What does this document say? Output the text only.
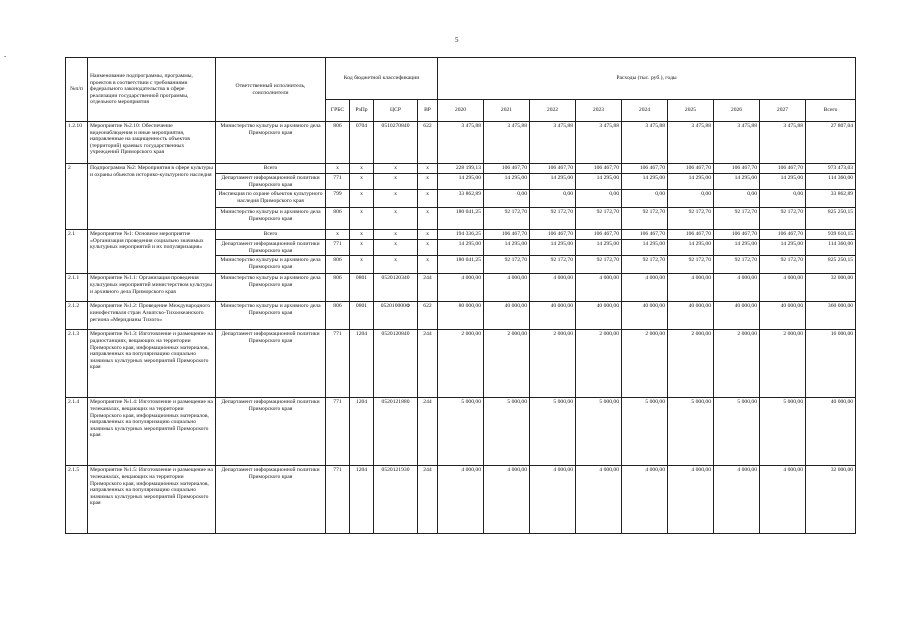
5
-
№п/п	Наименование подпрограммы, программы, проектов в соответствии с требованиями федерального законодательства в сфере реализации государственной программы, отдельного мероприятия	Ответственный исполнитель, соисполнители	Код бюджетной классификации				Расходы (тыс. руб.), годы								
			ГРБС	РзПр	ЦСР	ВР	2020	2021	2022	2023	2024	2025	2026	2027	Всего
1.2.10	Мероприятие №2.10: Обеспечение видеонаблюдения и иные мероприятия, направленные на защищенность объектов (территорий) краевых государственных учреждений Приморского края	Министерство культуры и архивного дела Приморского края	806	0704	0510270840	622	3 475,88	3 475,88	3 475,88	3 475,88	3 475,88	3 475,88	3 475,88	3 475,88	27 807,04
2	Подпрограмма №2: Мероприятия в сфере культуры и охраны объектов историко-культурного наследия	Всего	х	х	х	х	228 199,13	106 467,70	106 467,70	106 467,70	106 467,70	106 467,70	106 467,70	106 467,70	973 473,03
		Департамент информационной политики Приморского края	771	х	х	х	14 295,00	14 295,00	14 295,00	14 295,00	14 295,00	14 295,00	14 295,00	14 295,00	114 360,00
		Инспекция по охране объектов культурного наследия Приморского края	799	х	х	х	33 862,89	0,00	0,00	0,00	0,00	0,00	0,00	0,00	33 862,89
		Министерство культуры и архивного дела Приморского края	806	х	х	х	180 041,25	92 172,70	92 172,70	92 172,70	92 172,70	92 172,70	92 172,70	92 172,70	825 250,15
2.1	Мероприятие №1: Основное мероприятие «Организация проведения социально значимых культурных мероприятий и их популяризация»	Всего	х	х	х	х	194 336,25	106 467,70	106 467,70	106 467,70	106 467,70	106 467,70	106 467,70	106 467,70	939 610,15
		Департамент информационной политики Приморского края	771	х	х	х	14 295,00	14 295,00	14 295,00	14 295,00	14 295,00	14 295,00	14 295,00	14 295,00	114 360,00
		Министерство культуры и архивного дела Приморского края	806	х	х	х	180 041,25	92 172,70	92 172,70	92 172,70	92 172,70	92 172,70	92 172,70	92 172,70	825 250,15
2.1.1	Мероприятие №1.1: Организация проведения культурных мероприятий министерством культуры и архивного дела Приморского края	Министерство культуры и архивного дела Приморского края	806	0801	0520120340	244	4 000,00	4 000,00	4 000,00	4 000,00	4 000,00	4 000,00	4 000,00	4 000,00	32 000,00
2.1.2	Мероприятие №1.2: Проведение Международного кинофестиваля стран Азиатско-Тихоокеанского региона «Меридианы Тихого»	Министерство культуры и архивного дела Приморского края	806	0801	052010000Ф	622	80 000,00	40 000,00	40 000,00	40 000,00	40 000,00	40 000,00	40 000,00	40 000,00	360 000,00
2.1.3	Мероприятие №1.3: Изготовление и размещение на радиостанциях, вещающих на территории Приморского края, информационных материалов, направленных на популяризацию социально значимых культурных мероприятий Приморского края	Департамент информационной политики Приморского края	771	1204	0520120840	244	2 000,00	2 000,00	2 000,00	2 000,00	2 000,00	2 000,00	2 000,00	2 000,00	16 000,00
2.1.4	Мероприятие №1.4: Изготовление и размещение на телеканалах, вещающих на территории Приморского края, информационных материалов, направленных на популяризацию социально значимых культурных мероприятий Приморского края	Департамент информационной политики Приморского края	771	1204	0520121880	244	5 000,00	5 000,00	5 000,00	5 000,00	5 000,00	5 000,00	5 000,00	5 000,00	40 000,00
2.1.5	Мероприятие №1.5: Изготовление и размещение на телеканалах, вещающих на территории Приморского края, информационных материалов, направленных на популяризацию социально значимых культурных мероприятий Приморского края	Департамент информационной политики Приморского края	771	1204	0520121930	244	4 000,00	4 000,00	4 000,00	4 000,00	4 000,00	4 000,00	4 000,00	4 000,00	32 000,00
